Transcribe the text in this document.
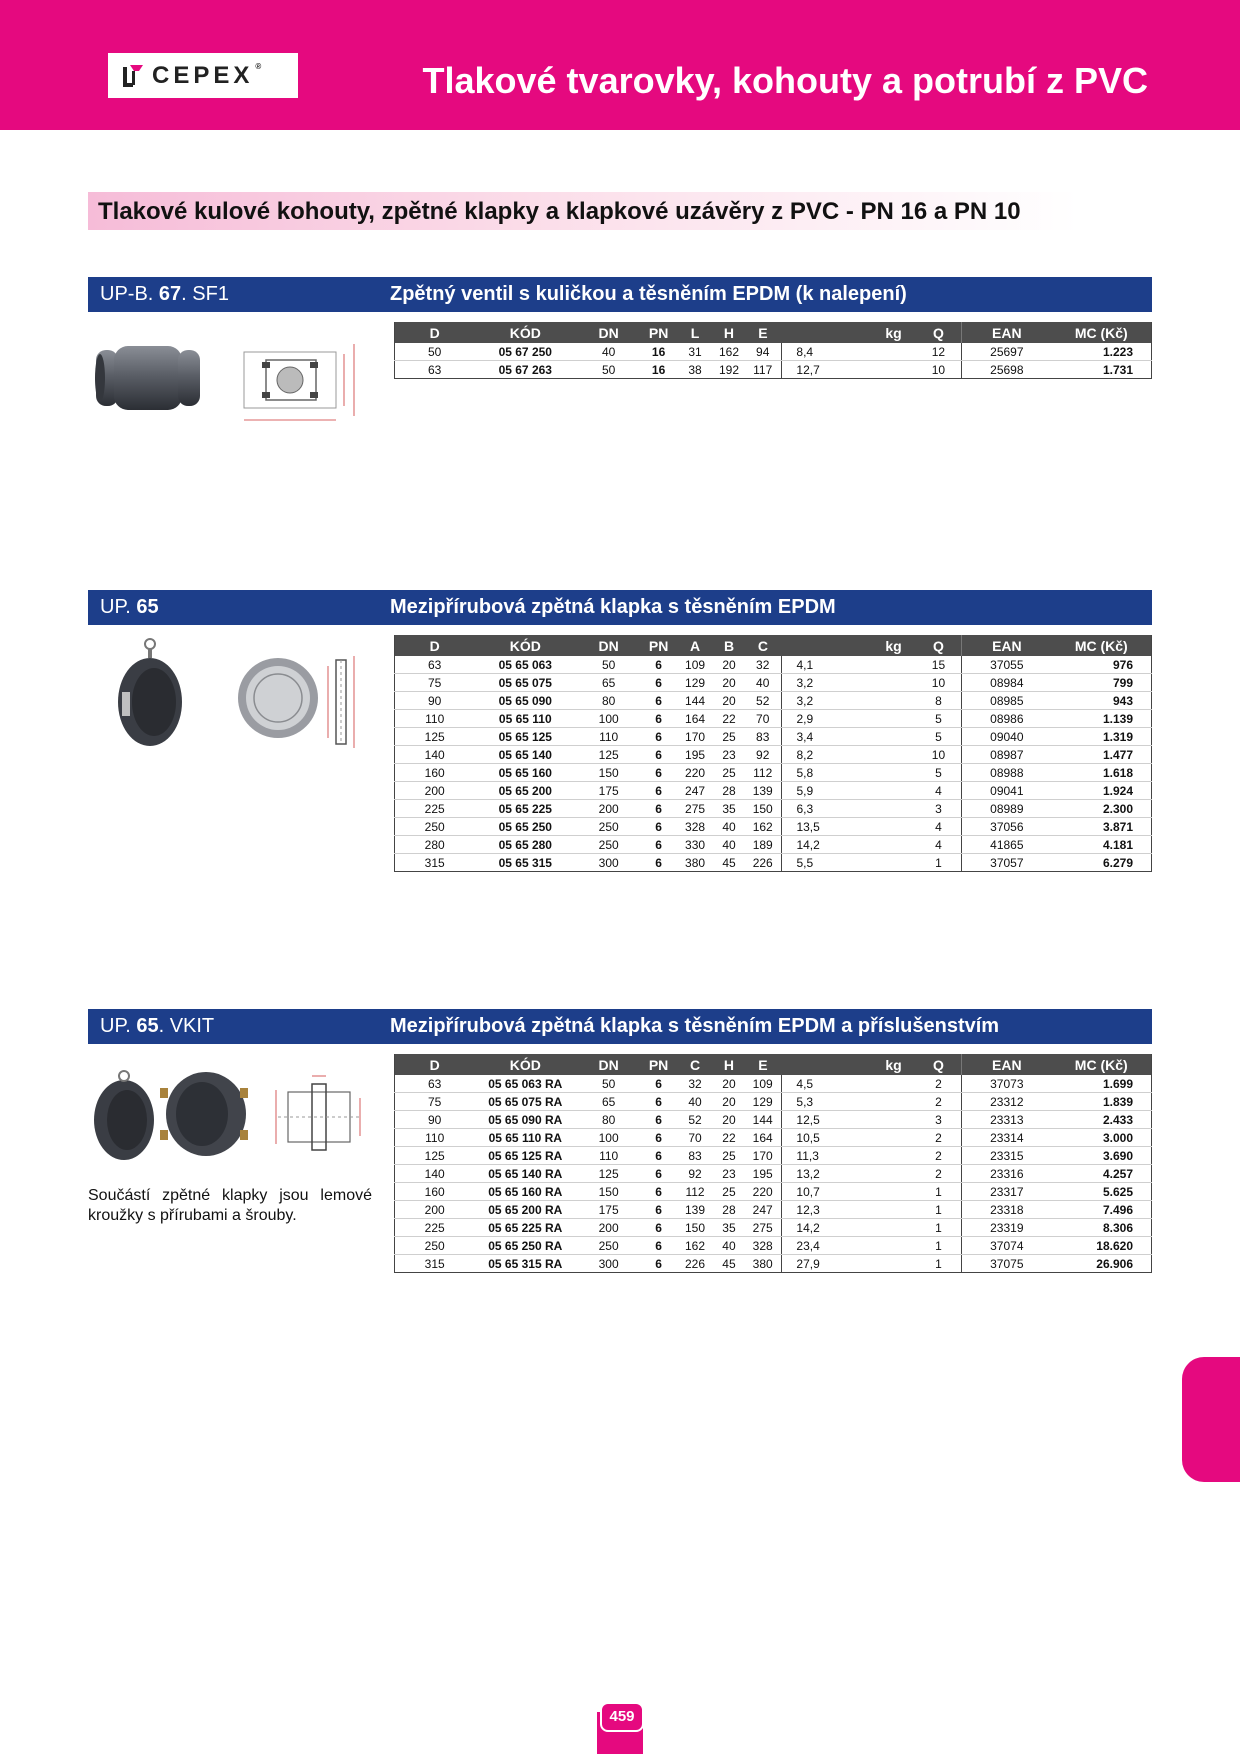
CEPEX ®	Tlakové tvarovky, kohouty a potrubí z PVC
Tlakové kulové kohouty, zpětné klapky a klapkové uzávěry z PVC - PN 16 a PN 10
UP-B. 67. SF1	Zpětný ventil s kuličkou a těsněním EPDM (k nalepení)
D	KÓD	DN	PN	L	H	E	kg	Q	EAN	MC (Kč)
50	05 67 250	40	16	31	162	94	8,4	12	25697	1.223
63	05 67 263	50	16	38	192	117	12,7	10	25698	1.731
UP. 65	Mezipřírubová zpětná klapka s těsněním EPDM
D	KÓD	DN	PN	A	B	C	kg	Q	EAN	MC (Kč)
63	05 65 063	50	6	109	20	32	4,1	15	37055	976
75	05 65 075	65	6	129	20	40	3,2	10	08984	799
90	05 65 090	80	6	144	20	52	3,2	8	08985	943
110	05 65 110	100	6	164	22	70	2,9	5	08986	1.139
125	05 65 125	110	6	170	25	83	3,4	5	09040	1.319
140	05 65 140	125	6	195	23	92	8,2	10	08987	1.477
160	05 65 160	150	6	220	25	112	5,8	5	08988	1.618
200	05 65 200	175	6	247	28	139	5,9	4	09041	1.924
225	05 65 225	200	6	275	35	150	6,3	3	08989	2.300
250	05 65 250	250	6	328	40	162	13,5	4	37056	3.871
280	05 65 280	250	6	330	40	189	14,2	4	41865	4.181
315	05 65 315	300	6	380	45	226	5,5	1	37057	6.279
UP. 65. VKIT	Mezipřírubová zpětná klapka s těsněním EPDM a příslušenstvím
Součástí zpětné klapky jsou lemové kroužky s přírubami a šrouby.
D	KÓD	DN	PN	C	H	E	kg	Q	EAN	MC (Kč)
63	05 65 063 RA	50	6	32	20	109	4,5	2	37073	1.699
75	05 65 075 RA	65	6	40	20	129	5,3	2	23312	1.839
90	05 65 090 RA	80	6	52	20	144	12,5	3	23313	2.433
110	05 65 110 RA	100	6	70	22	164	10,5	2	23314	3.000
125	05 65 125 RA	110	6	83	25	170	11,3	2	23315	3.690
140	05 65 140 RA	125	6	92	23	195	13,2	2	23316	4.257
160	05 65 160 RA	150	6	112	25	220	10,7	1	23317	5.625
200	05 65 200 RA	175	6	139	28	247	12,3	1	23318	7.496
225	05 65 225 RA	200	6	150	35	275	14,2	1	23319	8.306
250	05 65 250 RA	250	6	162	40	328	23,4	1	37074	18.620
315	05 65 315 RA	300	6	226	45	380	27,9	1	37075	26.906
459
